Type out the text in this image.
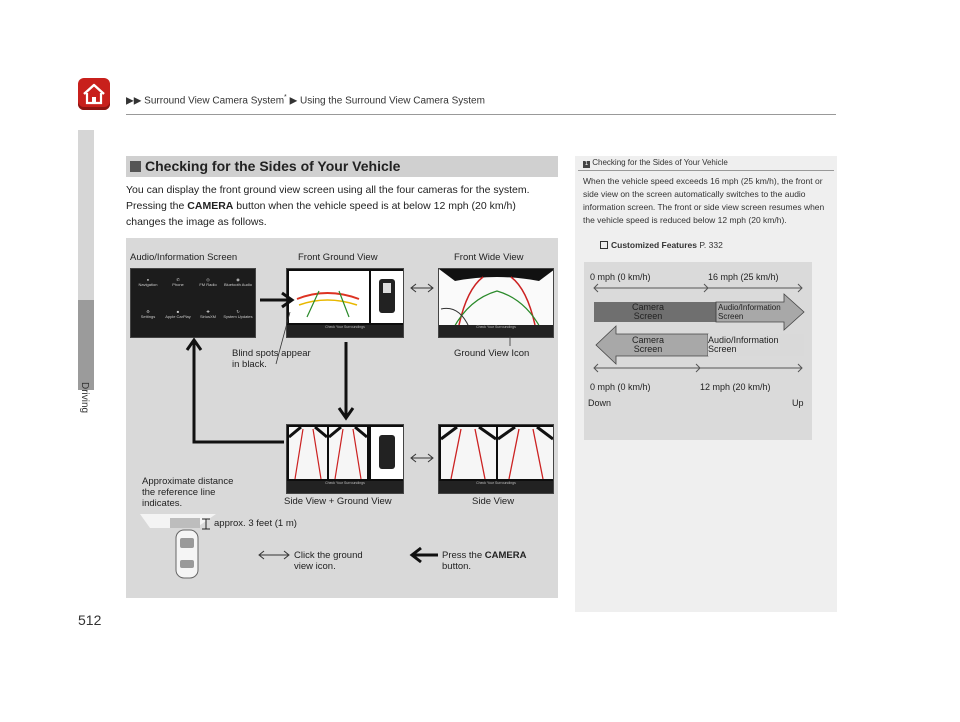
▶▶ Surround View Camera System* ▶ Using the Surround View Camera System
Driving
512
Checking for the Sides of Your Vehicle
You can display the front ground view screen using all the four cameras for the system. Pressing the CAMERA button when the vehicle speed is at below 12 mph (20 km/h) changes the image as follows.
Audio/Information Screen	Front Ground View	Front Wide View
●
Navigation
✆
Phone
◎
FM Radio
◉
Bluetooth Audio
⚙
Settings
■
Apple CarPlay
✚
SiriusXM
↻
System Updates
Check Your Surroundings	Check Your Surroundings
Check Your Surroundings	Check Your Surroundings
Blind spots appear
in black.
Ground View Icon
Side View + Ground View	Side View
Approximate distance
the reference line
indicates.
approx. 3 feet (1 m)
Click the ground
view icon.
Press the CAMERA
button.
1 Checking for the Sides of Your Vehicle
When the vehicle speed exceeds 16 mph (25 km/h), the front or side view on the screen automatically switches to the audio information screen. The front or side view screen resumes when the vehicle speed is reduced below 12 mph (20 km/h).
Customized Features P. 332
0 mph (0 km/h)	16 mph (25 km/h)
Camera
Screen
Audio/Information
Screen
Camera
Screen
Audio/Information
Screen
0 mph (0 km/h)	12 mph (20 km/h)
Down	Up
